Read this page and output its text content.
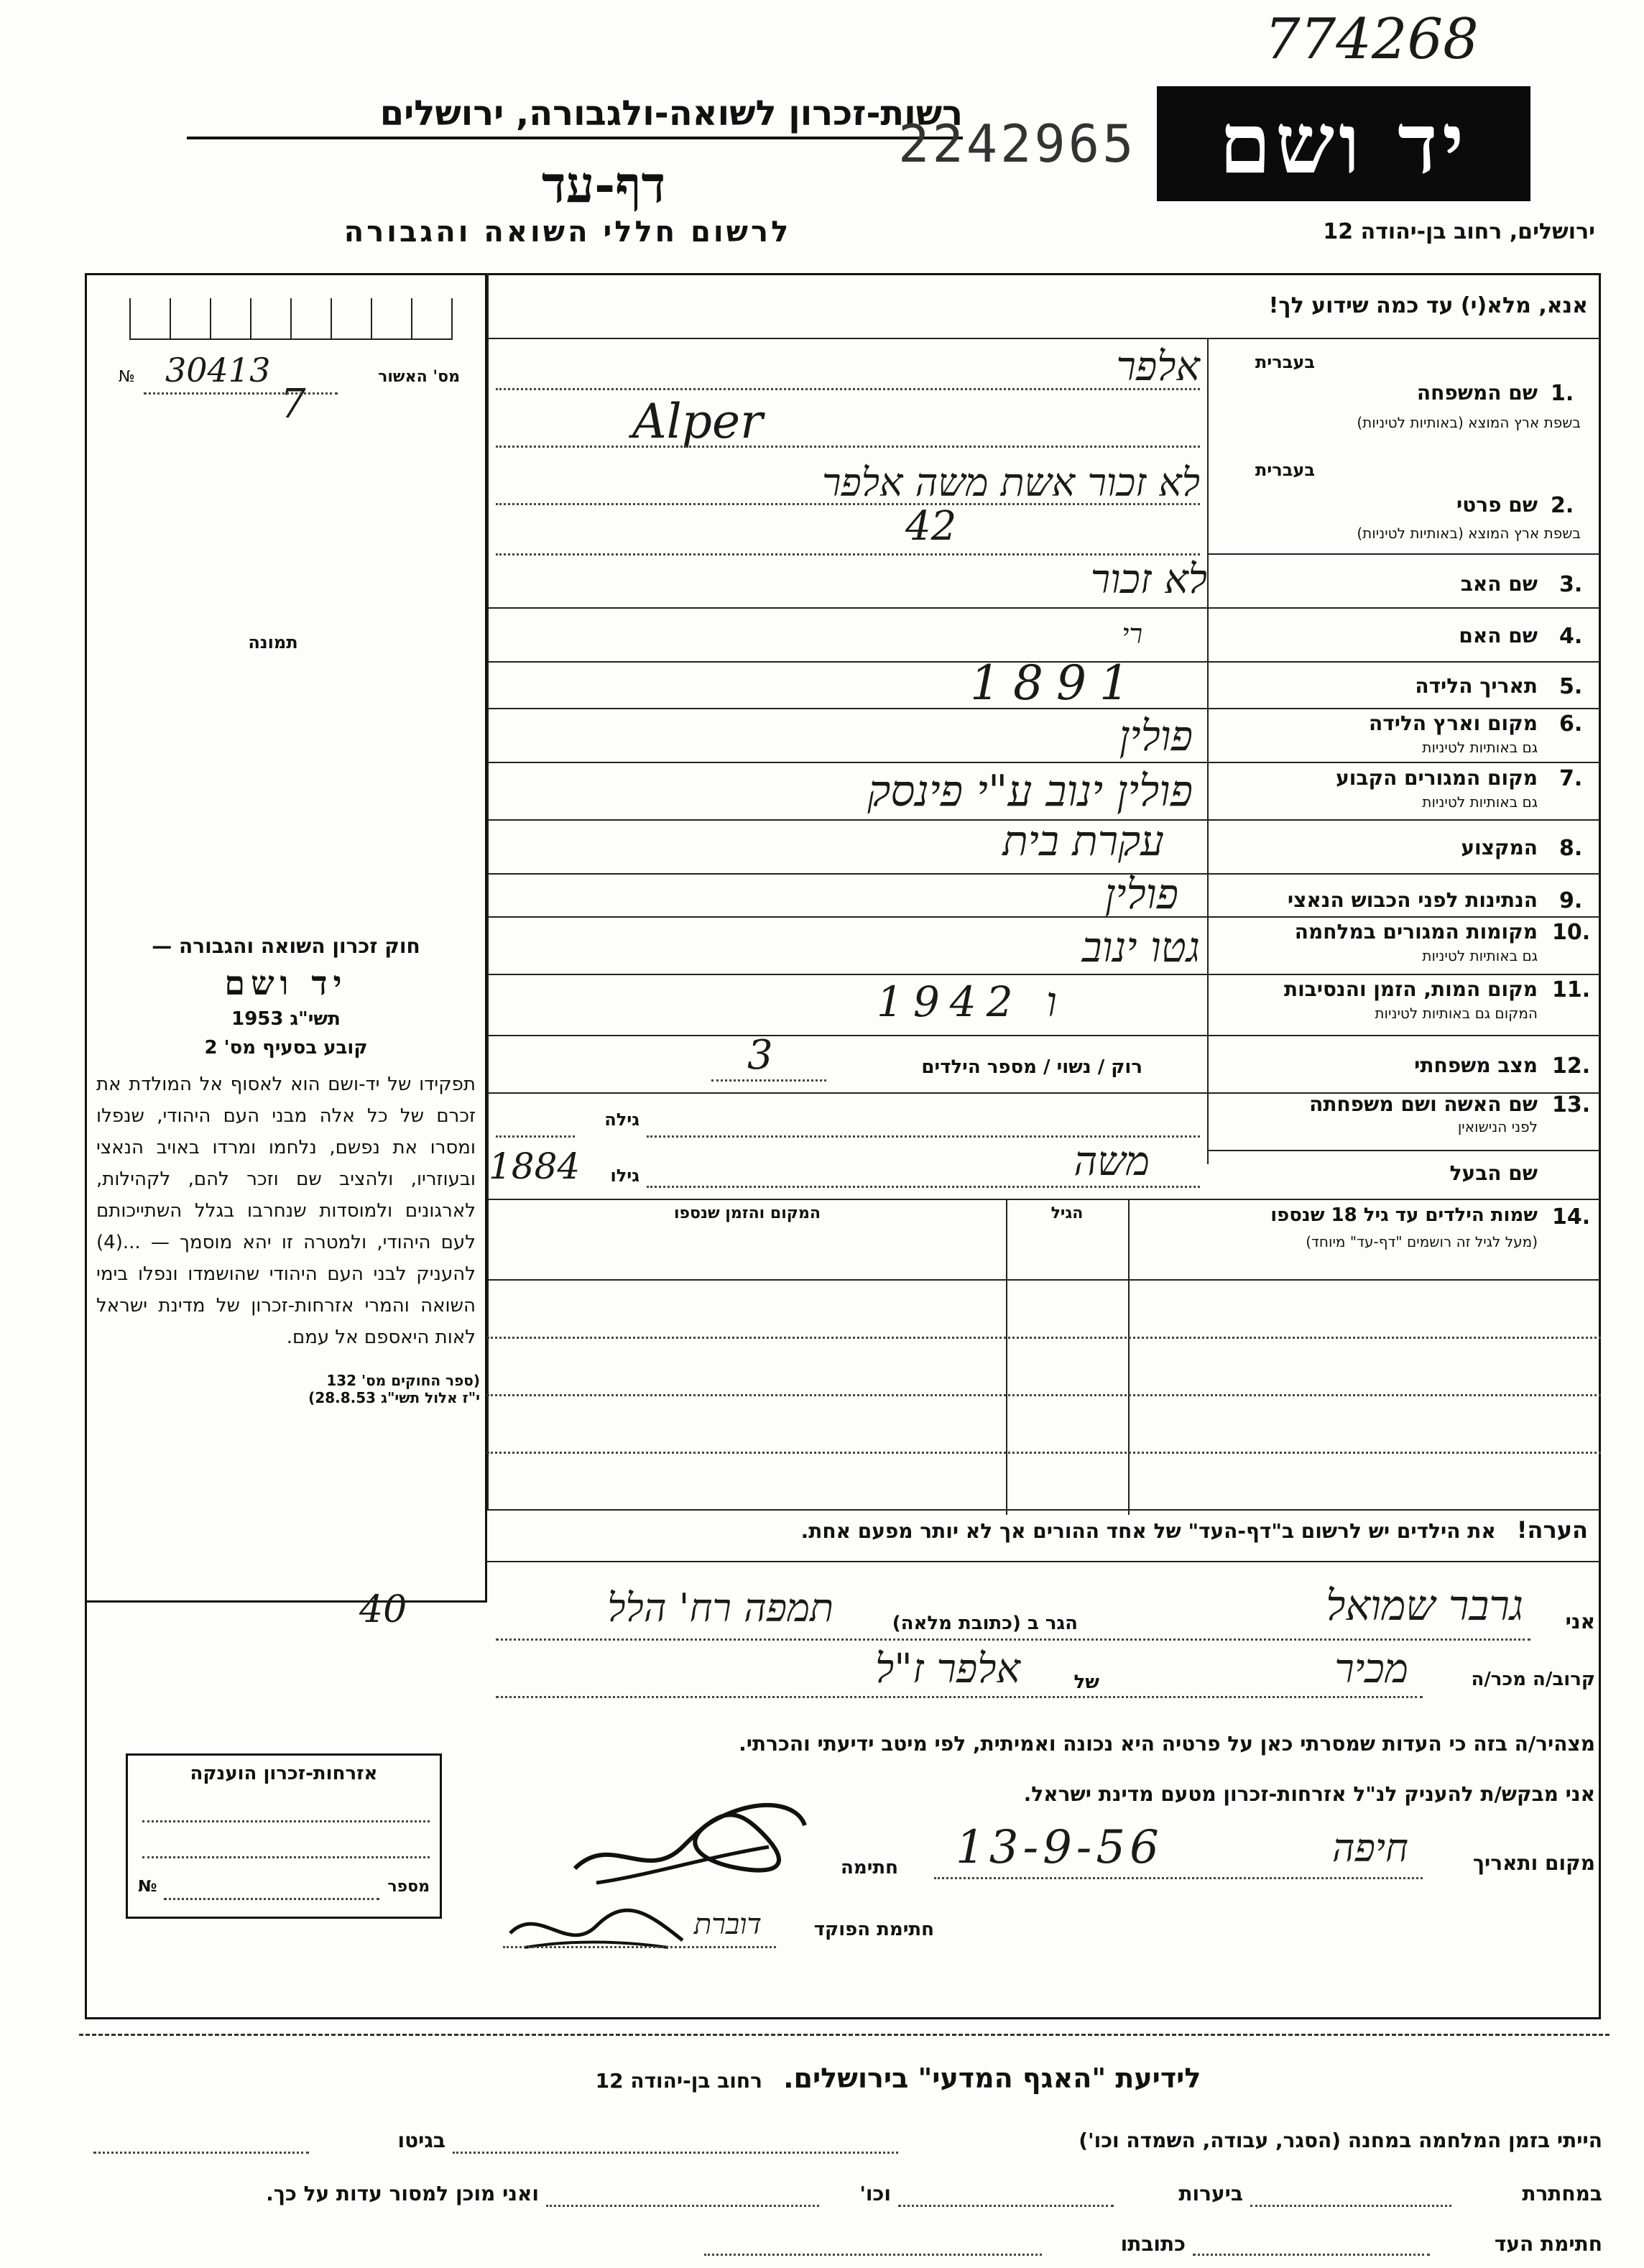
774268
רשות-זכרון לשואה-ולגבורה, ירושלים
2242965 יד ושם
דף-עד
לרשום חללי השואה והגבורה	ירושלים, רחוב בן-יהודה 12
№ 30413
7
מס' האשור
תמונה
חוק זכרון השואה והגבורה —
יד ושם
תשי"ג 1953
קובע בסעיף מס' 2
תפקידו של יד-ושם הוא לאסוף אל המולדת את זכרם של כל אלה מבני העם היהודי, שנפלו ומסרו את נפשם, נלחמו ומרדו באויב הנאצי ובעוזריו, ולהציב שם וזכר להם, לקהילות, לארגונים ולמוסדות שנחרבו בגלל השתייכותם לעם היהודי, ולמטרה זו יהא מוסמך — ...(4) להעניק לבני העם היהודי שהושמדו ונפלו בימי השואה והמרי אזרחות-זכרון של מדינת ישראל לאות היאספם אל עמם.
(ספר החוקים מס' 132
י"ז אלול תשי"ג 28.8.53)
40
אנא, מלא(י) עד כמה שידוע לך!
בעברית
שם המשפחה 1.
בשפת ארץ המוצא (באותיות לטיניות)
אלפר
Alper
בעברית
שם פרטי 2.
בשפת ארץ המוצא (באותיות לטיניות)
לא זכור אשת משה אלפר
42
שם האב 3.
לא זכור
שם האם 4.
רי
תאריך הלידה 5.
1891
מקום וארץ הלידה 6.
גם באותיות לטיניות
פולין
מקום המגורים הקבוע 7.
גם באותיות לטיניות
פולין ינוב ע"י פינסק
המקצוע 8.
עקרת בית
הנתינות לפני הכבוש הנאצי 9.
פולין
מקומות המגורים במלחמה 10.
גם באותיות לטיניות
גטו ינוב
מקום המות, הזמן והנסיבות 11.
המקום גם באותיות לטיניות
1942 ו
מצב משפחתי 12.
רוק / נשוי / מספר הילדים
3
שם האשה ושם משפחתה 13.
לפני הנישואין
גילה
שם הבעל
משה
גילו
1884
שמות הילדים עד גיל 18 שנספו 14.
(מעל לגיל זה רושמים "דף-עד" מיוחד)
הגיל
המקום והזמן שנספו
הערה! את הילדים יש לרשום ב"דף-העד" של אחד ההורים אך לא יותר מפעם אחת.
אני
גרבר שמואל
הגר ב (כתובת מלאה)
תמפה רח' הלל
קרוב/ה מכר/ה
מכיר
של
אלפר ז"ל
מצהיר/ה בזה כי העדות שמסרתי כאן על פרטיה היא נכונה ואמיתית, לפי מיטב ידיעתי והכרתי.
אני מבקש/ת להעניק לנ"ל אזרחות-זכרון מטעם מדינת ישראל.
מקום ותאריך
חיפה
13-9-56
חתימה
חתימת הפוקד
דוברת
אזרחות-זכרון הוענקה
№	מספר
לידיעת "האגף המדעי" בירושלים. רחוב בן-יהודה 12
הייתי בזמן המלחמה במחנה (הסגר, עבודה, השמדה וכו')
בגיטו
במחתרת
ביערות
וכו'
ואני מוכן למסור עדות על כך.
חתימת העד
כתובתו
